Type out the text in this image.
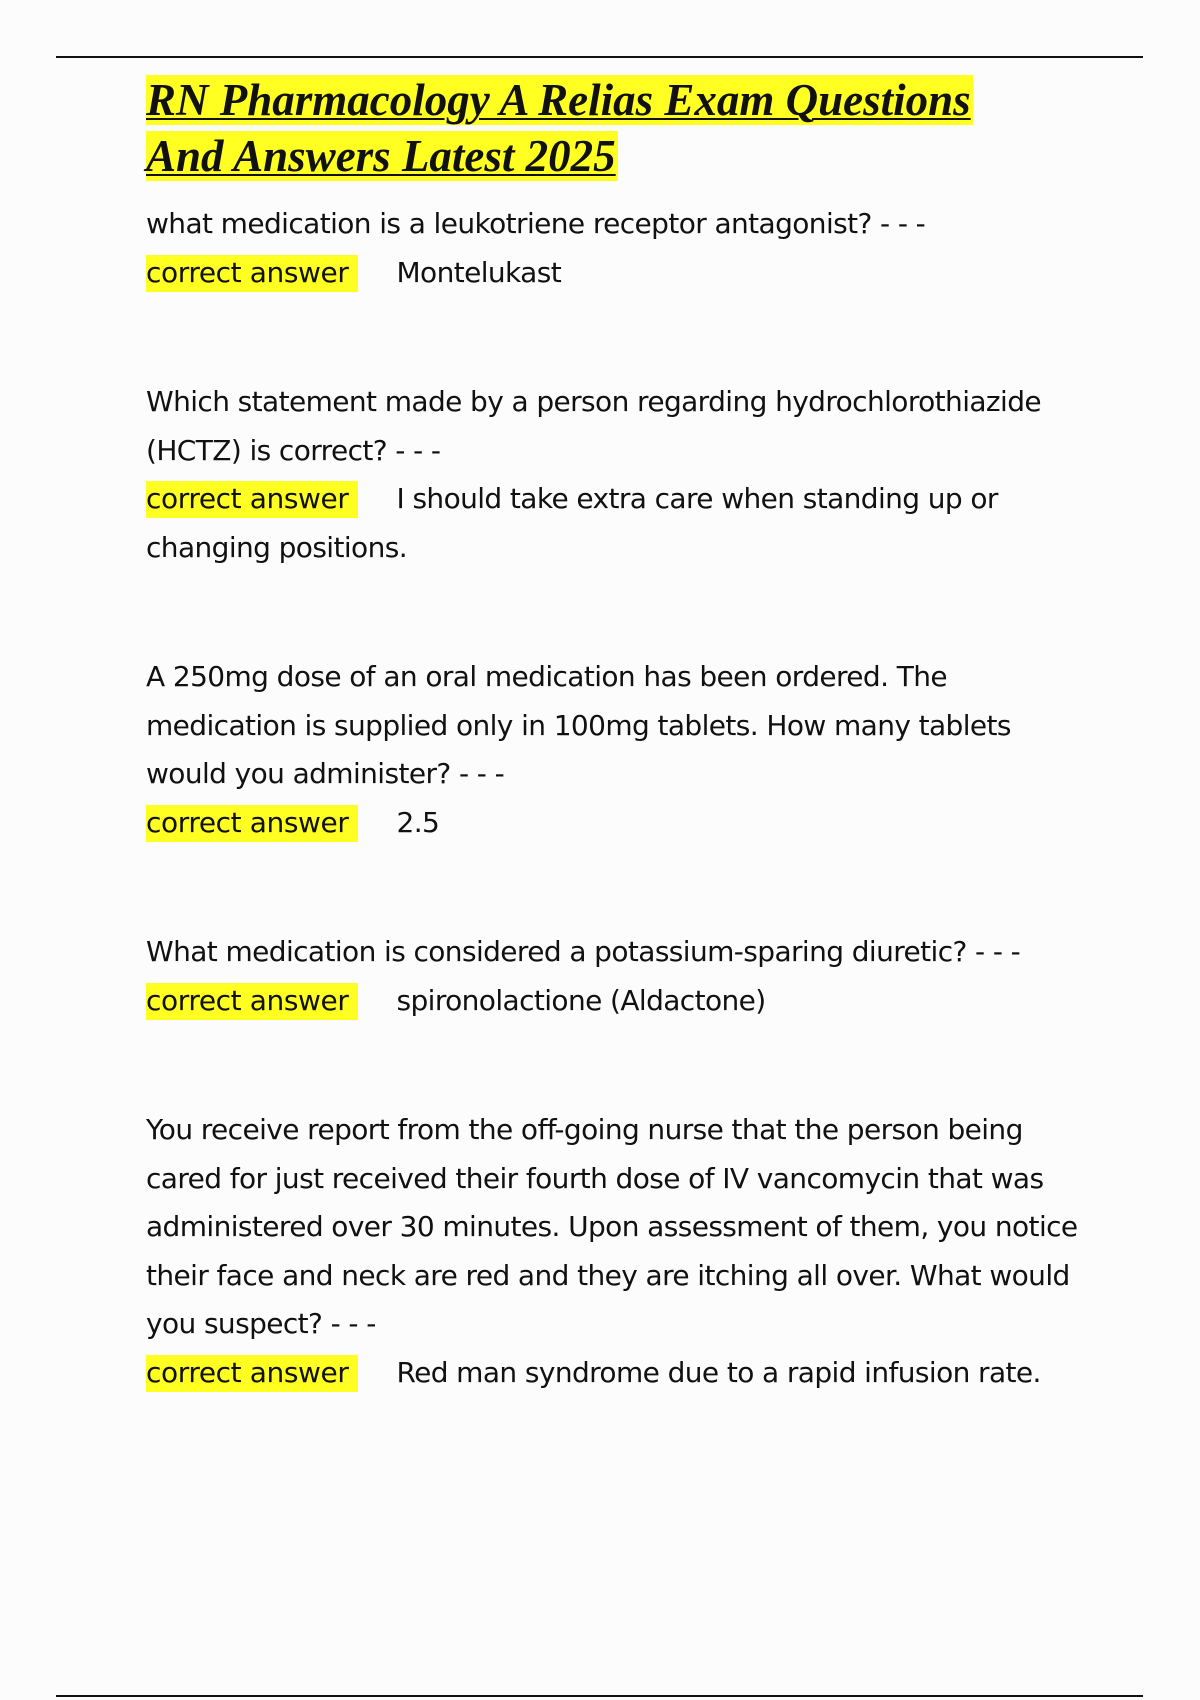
RN Pharmacology A Relias Exam Questions
And Answers Latest 2025

what medication is a leukotriene receptor antagonist? - - -

correct answer Montelukast

Which statement made by a person regarding hydrochlorothiazide (HCTZ) is correct? - - -

correct answer I should take extra care when standing up or changing positions.

A 250mg dose of an oral medication has been ordered. The medication is supplied only in 100mg tablets. How many tablets would you administer? - - -

correct answer 2.5

What medication is considered a potassium-sparing diuretic? - - -

correct answer spironolactione (Aldactone)

You receive report from the off-going nurse that the person being cared for just received their fourth dose of IV vancomycin that was administered over 30 minutes. Upon assessment of them, you notice their face and neck are red and they are itching all over. What would you suspect? - - -

correct answer Red man syndrome due to a rapid infusion rate.
